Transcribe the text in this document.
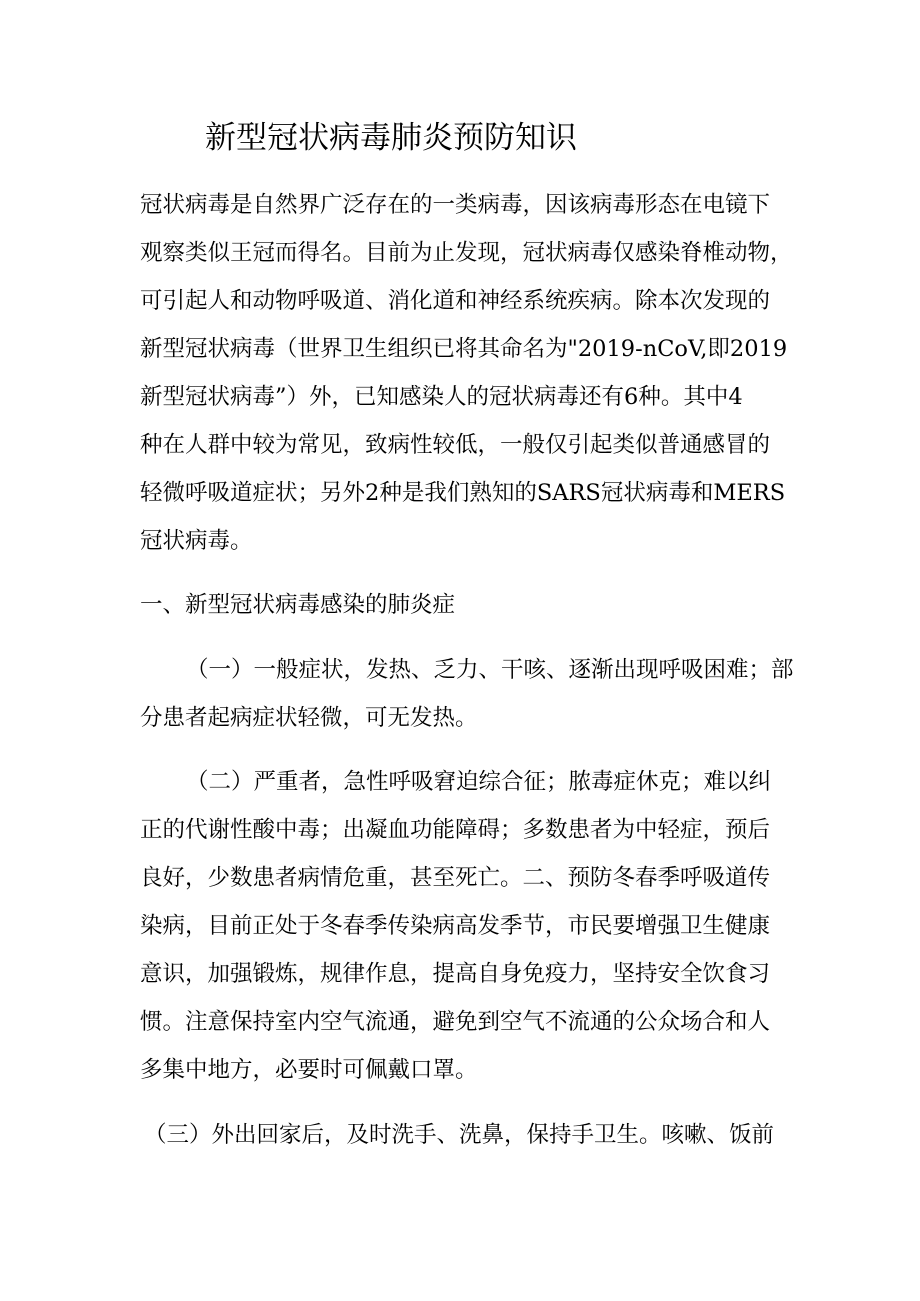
新型冠状病毒肺炎预防知识
冠状病毒是自然界广泛存在的一类病毒，因该病毒形态在电镜下
观察类似王冠而得名。目前为止发现，冠状病毒仅感染脊椎动物，
可引起人和动物呼吸道、消化道和神经系统疾病。除本次发现的
新型冠状病毒（世界卫生组织已将其命名为"2019-nCoV,即2019
新型冠状病毒”）外，已知感染人的冠状病毒还有6种。其中4
种在人群中较为常见，致病性较低，一般仅引起类似普通感冒的
轻微呼吸道症状；另外2种是我们熟知的SARS冠状病毒和MERS
冠状病毒。
一、新型冠状病毒感染的肺炎症
（一）一般症状，发热、乏力、干咳、逐渐出现呼吸困难；部
分患者起病症状轻微，可无发热。
（二）严重者，急性呼吸窘迫综合征；脓毒症休克；难以纠
正的代谢性酸中毒；出凝血功能障碍；多数患者为中轻症，预后
良好，少数患者病情危重，甚至死亡。二、预防冬春季呼吸道传
染病，目前正处于冬春季传染病高发季节，市民要增强卫生健康
意识，加强锻炼，规律作息，提高自身免疫力，坚持安全饮食习
惯。注意保持室内空气流通，避免到空气不流通的公众场合和人
多集中地方，必要时可佩戴口罩。
（三）外出回家后，及时洗手、洗鼻，保持手卫生。咳嗽、饭前
